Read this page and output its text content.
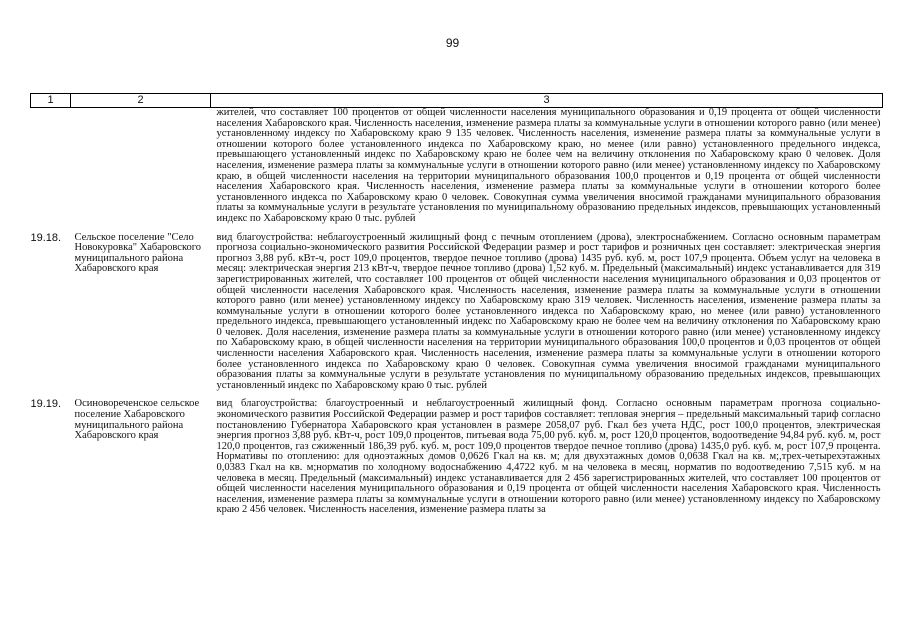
99
1	2	3
		жителей, что составляет 100 процентов от общей численности населения муниципального образования и 0,19 процента от общей численности населения Хабаровского края. Численность населения, изменение размера платы за коммунальные услуги в отношении которого равно (или менее) установленному индексу по Хабаровскому краю 9 135 человек. Численность населения, изменение размера платы за коммунальные услуги в отношении которого более установленного индекса по Хабаровскому краю, но менее (или равно) установленного предельного индекса, превышающего установленный индекс по Хабаровскому краю не более чем на величину отклонения по Хабаровскому краю 0 человек. Доля населения, изменение размера платы за коммунальные услуги в отношении которого равно (или менее) установленному индексу по Хабаровскому краю, в общей численности населения на территории муниципального образования 100,0 процентов и 0,19 процента от общей численности населения Хабаровского края. Численность населения, изменение размера платы за коммунальные услуги в отношении которого более установленного индекса по Хабаровскому краю 0 человек. Совокупная сумма увеличения вносимой гражданами муниципального образования платы за коммунальные услуги в результате установления по муниципальному образованию предельных индексов, превышающих установленный индекс по Хабаровскому краю 0 тыс. рублей
19.18.	Сельское поселение "Село Новокуровка" Хабаровского муниципального района Хабаровского края	вид благоустройства: неблагоустроенный жилищный фонд с печным отоплением (дрова), электроснабжением. Согласно основным параметрам прогноза социально-экономического развития Российской Федерации размер и рост тарифов и розничных цен составляет: электрическая энергия прогноз 3,88 руб. кВт-ч, рост 109,0 процентов, твердое печное топливо (дрова) 1435 руб. куб. м, рост 107,9 процента. Объем услуг на человека в месяц: электрическая энергия 213 кВт-ч, твердое печное топливо (дрова) 1,52 куб. м. Предельный (максимальный) индекс устанавливается для 319 зарегистрированных жителей, что составляет 100 процентов от общей численности населения муниципального образования и 0,03 процентов от общей численности населения Хабаровского края. Численность населения, изменение размера платы за коммунальные услуги в отношении которого равно (или менее) установленному индексу по Хабаровскому краю 319 человек. Численность населения, изменение размера платы за коммунальные услуги в отношении которого более установленного индекса по Хабаровскому краю, но менее (или равно) установленного предельного индекса, превышающего установленный индекс по Хабаровскому краю не более чем на величину отклонения по Хабаровскому краю 0 человек. Доля населения, изменение размера платы за коммунальные услуги в отношении которого равно (или менее) установленному индексу по Хабаровскому краю, в общей численности населения на территории муниципального образования 100,0 процентов и 0,03 процентов от общей численности населения Хабаровского края. Численность населения, изменение размера платы за коммунальные услуги в отношении которого более установленного индекса по Хабаровскому краю 0 человек. Совокупная сумма увеличения вносимой гражданами муниципального образования платы за коммунальные услуги в результате установления по муниципальному образованию предельных индексов, превышающих установленный индекс по Хабаровскому краю 0 тыс. рублей
19.19.	Осиновореченское сельское поселение Хабаровского муниципального района Хабаровского края	вид благоустройства: благоустроенный и неблагоустроенный жилищный фонд. Согласно основным параметрам прогноза социально-экономического развития Российской Федерации размер и рост тарифов составляет: тепловая энергия – предельный максимальный тариф согласно постановлению Губернатора Хабаровского края установлен в размере 2058,07 руб. Гкал без учета НДС, рост 100,0 процентов, электрическая энергия прогноз 3,88 руб. кВт-ч, рост 109,0 процентов, питьевая вода 75,00 руб. куб. м, рост 120,0 процентов, водоотведение 94,84 руб. куб. м, рост 120,0 процентов, газ сжиженный 186,39 руб. куб. м, рост 109,0 процентов твердое печное топливо (дрова) 1435,0 руб. куб. м, рост 107,9 процента. Нормативы по отоплению: для одноэтажных домов 0,0626 Гкал на кв. м; для двухэтажных домов 0,0638 Гкал на кв. м;,трех-четырехэтажных 0,0383 Гкал на кв. м;норматив по холодному водоснабжению 4,4722 куб. м на человека в месяц, норматив по водоотведению 7,515 куб. м на человека в месяц. Предельный (максимальный) индекс устанавливается для 2 456 зарегистрированных жителей, что составляет 100 процентов от общей численности населения муниципального образования и 0,19 процента от общей численности населения Хабаровского края. Численность населения, изменение размера платы за коммунальные услуги в отношении которого равно (или менее) установленному индексу по Хабаровскому краю 2 456 человек. Численность населения, изменение размера платы за
